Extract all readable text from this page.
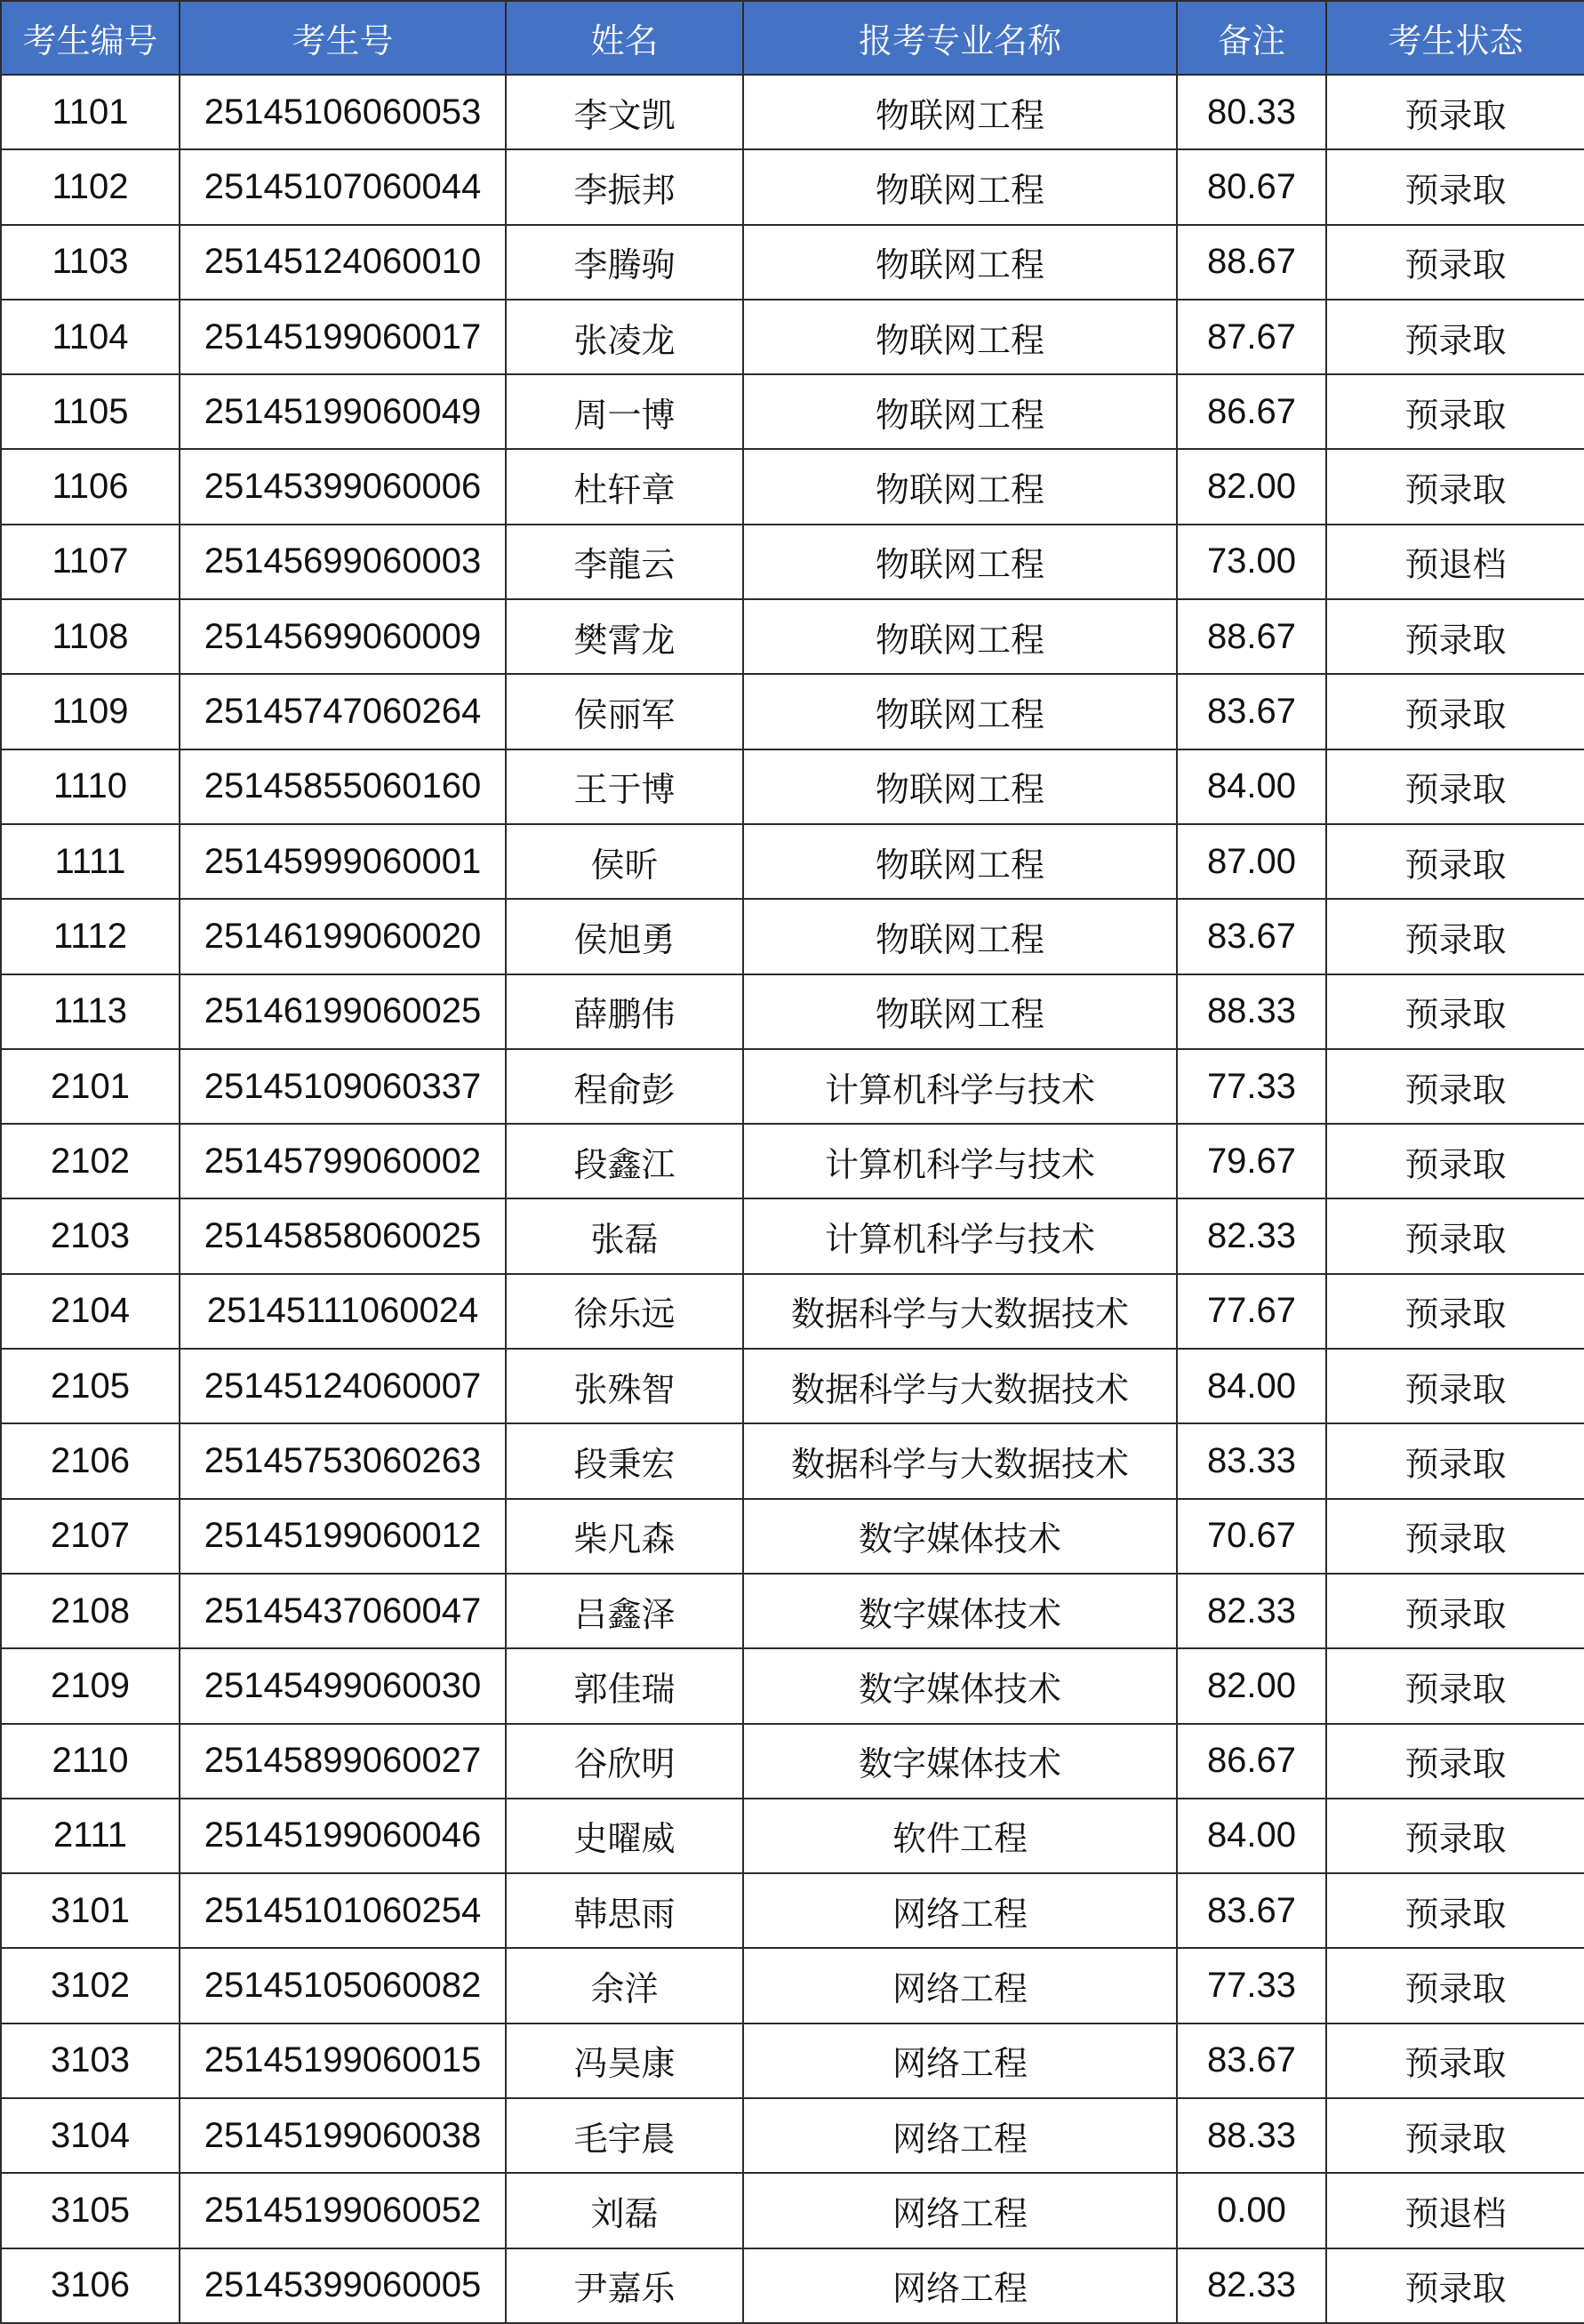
考生编号	考生号	姓名	报考专业名称	备注	考生状态
1101	25145106060053	李文凯	物联网工程	80.33	预录取
1102	25145107060044	李振邦	物联网工程	80.67	预录取
1103	25145124060010	李腾驹	物联网工程	88.67	预录取
1104	25145199060017	张凌龙	物联网工程	87.67	预录取
1105	25145199060049	周一博	物联网工程	86.67	预录取
1106	25145399060006	杜轩章	物联网工程	82.00	预录取
1107	25145699060003	李龍云	物联网工程	73.00	预退档
1108	25145699060009	樊霄龙	物联网工程	88.67	预录取
1109	25145747060264	侯丽军	物联网工程	83.67	预录取
1110	25145855060160	王于博	物联网工程	84.00	预录取
1111	25145999060001	侯昕	物联网工程	87.00	预录取
1112	25146199060020	侯旭勇	物联网工程	83.67	预录取
1113	25146199060025	薛鹏伟	物联网工程	88.33	预录取
2101	25145109060337	程俞彭	计算机科学与技术	77.33	预录取
2102	25145799060002	段鑫江	计算机科学与技术	79.67	预录取
2103	25145858060025	张磊	计算机科学与技术	82.33	预录取
2104	25145111060024	徐乐远	数据科学与大数据技术	77.67	预录取
2105	25145124060007	张殊智	数据科学与大数据技术	84.00	预录取
2106	25145753060263	段秉宏	数据科学与大数据技术	83.33	预录取
2107	25145199060012	柴凡森	数字媒体技术	70.67	预录取
2108	25145437060047	吕鑫泽	数字媒体技术	82.33	预录取
2109	25145499060030	郭佳瑞	数字媒体技术	82.00	预录取
2110	25145899060027	谷欣明	数字媒体技术	86.67	预录取
2111	25145199060046	史曜威	软件工程	84.00	预录取
3101	25145101060254	韩思雨	网络工程	83.67	预录取
3102	25145105060082	余洋	网络工程	77.33	预录取
3103	25145199060015	冯昊康	网络工程	83.67	预录取
3104	25145199060038	毛宇晨	网络工程	88.33	预录取
3105	25145199060052	刘磊	网络工程	0.00	预退档
3106	25145399060005	尹嘉乐	网络工程	82.33	预录取
